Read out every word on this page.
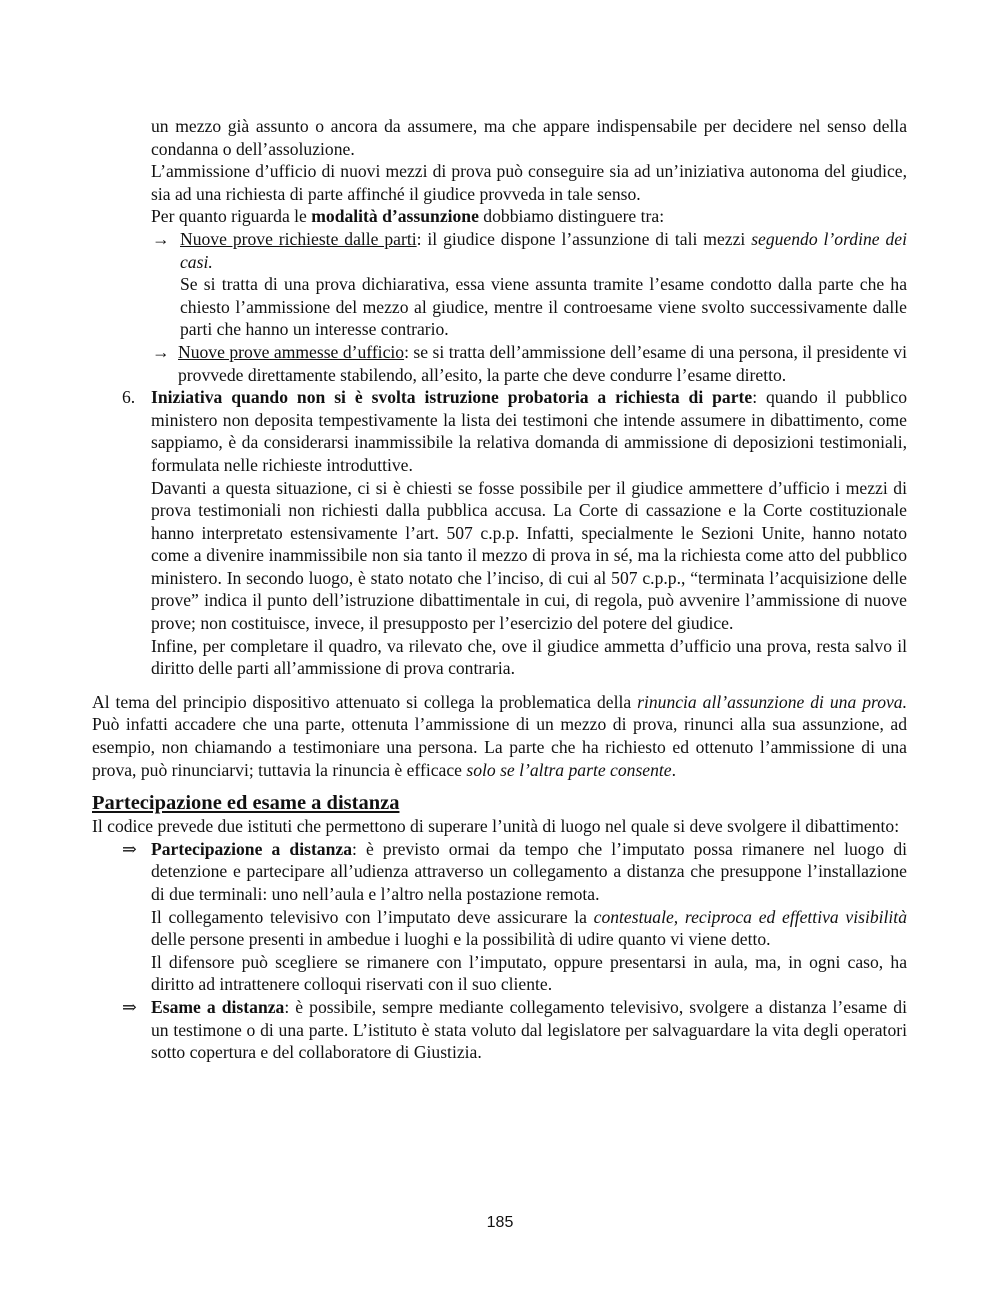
un mezzo già assunto o ancora da assumere, ma che appare indispensabile per decidere nel senso della condanna o dell’assoluzione.

L’ammissione d’ufficio di nuovi mezzi di prova può conseguire sia ad un’iniziativa autonoma del giudice, sia ad una richiesta di parte affinché il giudice provveda in tale senso.

Per quanto riguarda le modalità d’assunzione dobbiamo distinguere tra:

→ Nuove prove richieste dalle parti: il giudice dispone l’assunzione di tali mezzi seguendo l’ordine dei casi.

Se si tratta di una prova dichiarativa, essa viene assunta tramite l’esame condotto dalla parte che ha chiesto l’ammissione del mezzo al giudice, mentre il controesame viene svolto successivamente dalle parti che hanno un interesse contrario.

→ Nuove prove ammesse d’ufficio: se si tratta dell’ammissione dell’esame di una persona, il presidente vi provvede direttamente stabilendo, all’esito, la parte che deve condurre l’esame diretto.
6. Iniziativa quando non si è svolta istruzione probatoria a richiesta di parte: quando il pubblico ministero non deposita tempestivamente la lista dei testimoni che intende assumere in dibattimento, come sappiamo, è da considerarsi inammissibile la relativa domanda di ammissione di deposizioni testimoniali, formulata nelle richieste introduttive.

Davanti a questa situazione, ci si è chiesti se fosse possibile per il giudice ammettere d’ufficio i mezzi di prova testimoniali non richiesti dalla pubblica accusa. La Corte di cassazione e la Corte costituzionale hanno interpretato estensivamente l’art. 507 c.p.p. Infatti, specialmente le Sezioni Unite, hanno notato come a divenire inammissibile non sia tanto il mezzo di prova in sé, ma la richiesta come atto del pubblico ministero. In secondo luogo, è stato notato che l’inciso, di cui al 507 c.p.p., “terminata l’acquisizione delle prove” indica il punto dell’istruzione dibattimentale in cui, di regola, può avvenire l’ammissione di nuove prove; non costituisce, invece, il presupposto per l’esercizio del potere del giudice.

Infine, per completare il quadro, va rilevato che, ove il giudice ammetta d’ufficio una prova, resta salvo il diritto delle parti all’ammissione di prova contraria.

Al tema del principio dispositivo attenuato si collega la problematica della rinuncia all’assunzione di una prova. Può infatti accadere che una parte, ottenuta l’ammissione di un mezzo di prova, rinunci alla sua assunzione, ad esempio, non chiamando a testimoniare una persona. La parte che ha richiesto ed ottenuto l’ammissione di una prova, può rinunciarvi; tuttavia la rinuncia è efficace solo se l’altra parte consente.

Partecipazione ed esame a distanza

Il codice prevede due istituti che permettono di superare l’unità di luogo nel quale si deve svolgere il dibattimento:

⇒ Partecipazione a distanza: è previsto ormai da tempo che l’imputato possa rimanere nel luogo di detenzione e partecipare all’udienza attraverso un collegamento a distanza che presuppone l’installazione di due terminali: uno nell’aula e l’altro nella postazione remota.

Il collegamento televisivo con l’imputato deve assicurare la contestuale, reciproca ed effettiva visibilità delle persone presenti in ambedue i luoghi e la possibilità di udire quanto vi viene detto.

Il difensore può scegliere se rimanere con l’imputato, oppure presentarsi in aula, ma, in ogni caso, ha diritto ad intrattenere colloqui riservati con il suo cliente.

⇒ Esame a distanza: è possibile, sempre mediante collegamento televisivo, svolgere a distanza l’esame di un testimone o di una parte. L’istituto è stata voluto dal legislatore per salvaguardare la vita degli operatori sotto copertura e del collaboratore di Giustizia.
185
